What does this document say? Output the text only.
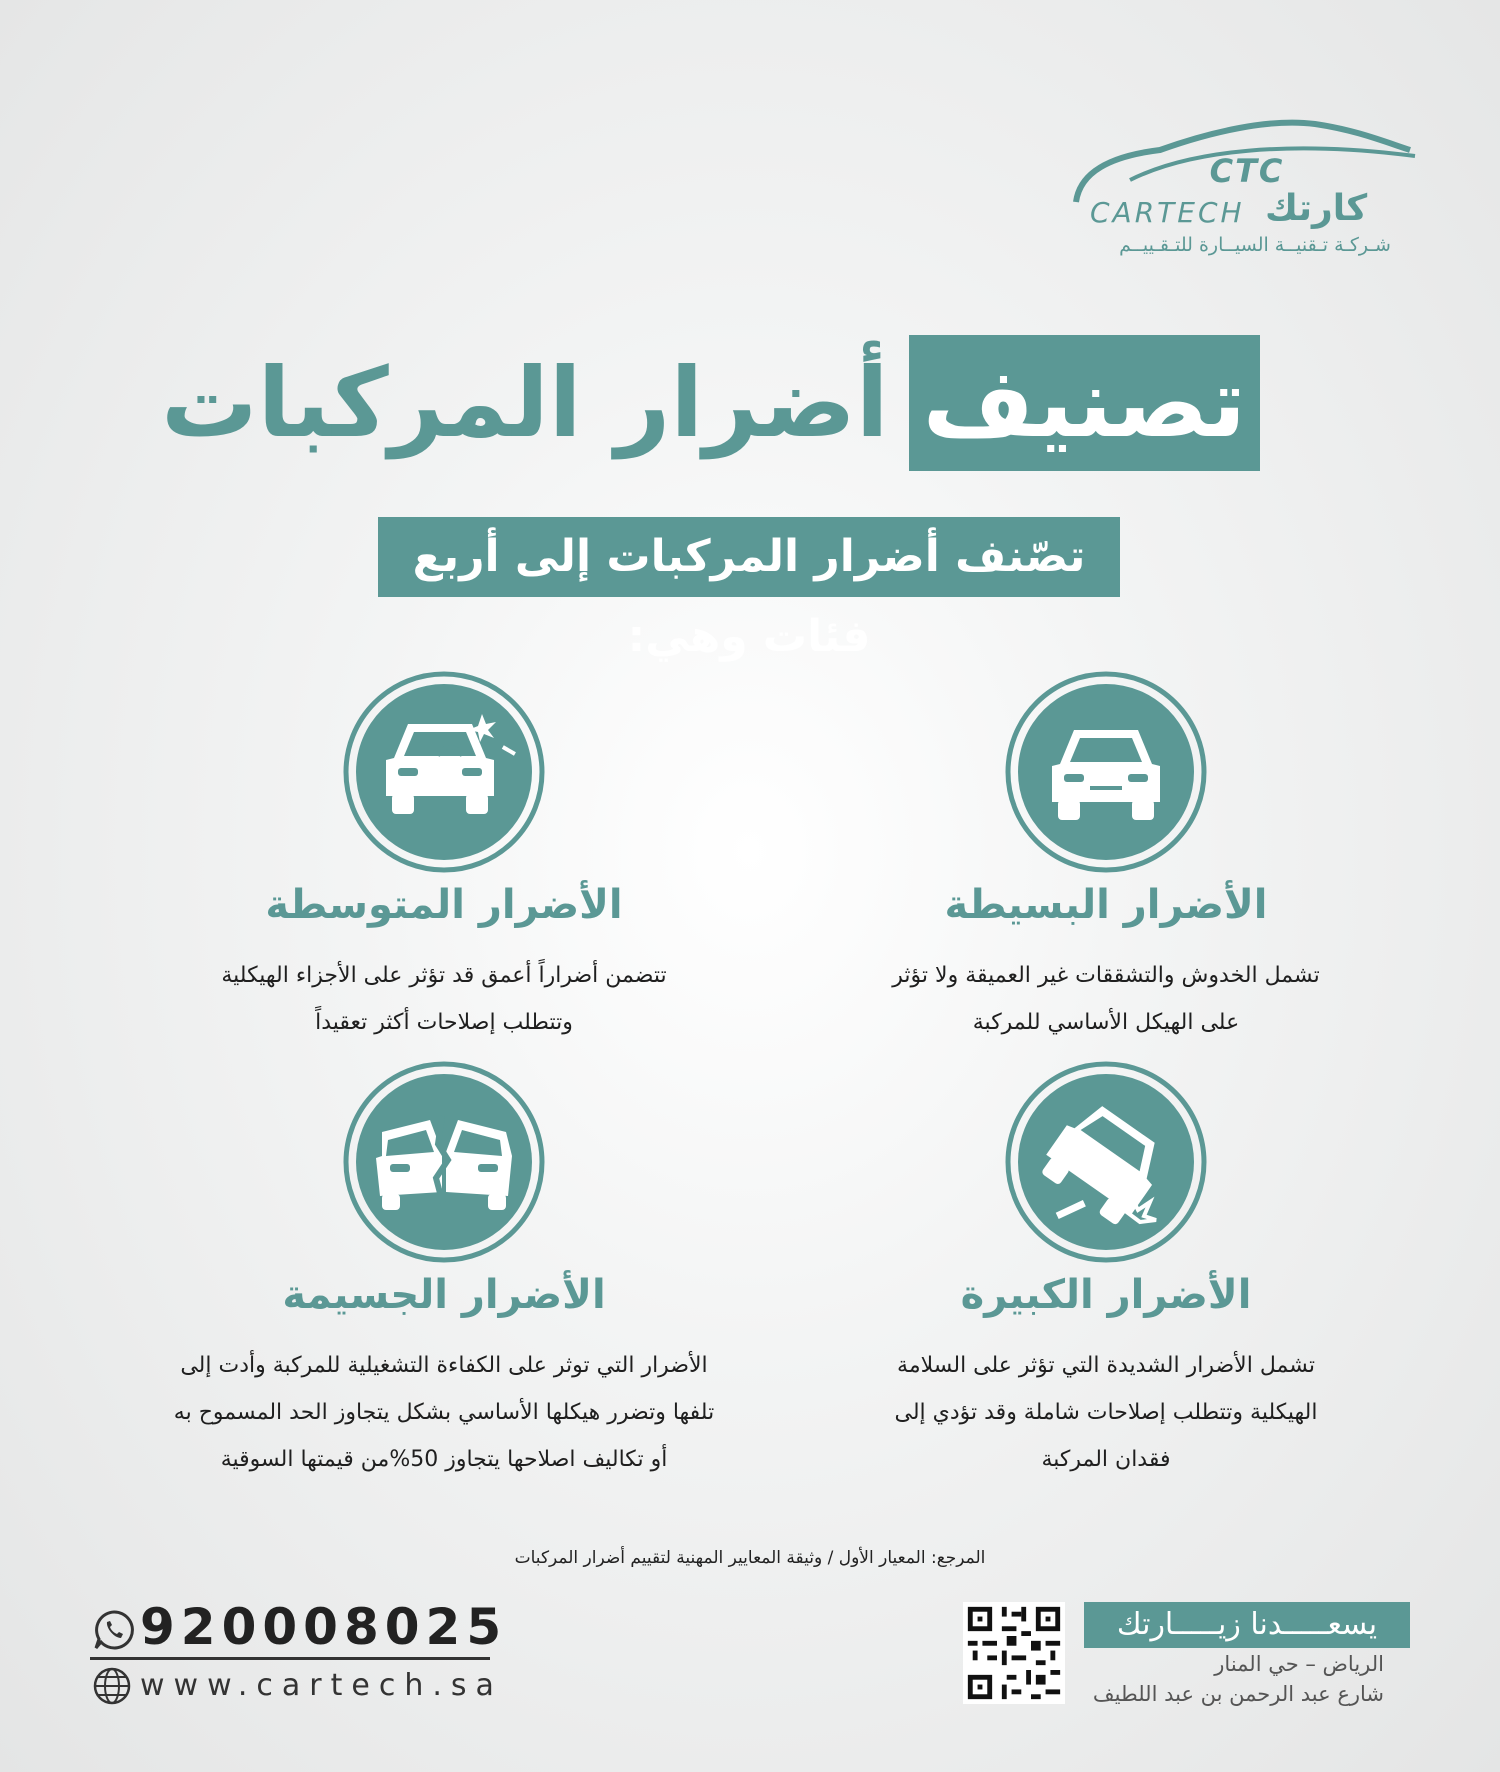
CTC
CARTECH كارتك
شـركـة تـقنيــة السيــارة للتـقـييــم
تصنيف
أضرار المركبات
تصّنف أضرار المركبات إلى أربع فئات وهي:
الأضرار البسيطة
تشمل الخدوش والتشققات غير العميقة ولا تؤثر
على الهيكل الأساسي للمركبة
الأضرار المتوسطة
تتضمن أضراراً أعمق قد تؤثر على الأجزاء الهيكلية
وتتطلب إصلاحات أكثر تعقيداً
الأضرار الكبيرة
تشمل الأضرار الشديدة التي تؤثر على السلامة
الهيكلية وتتطلب إصلاحات شاملة وقد تؤدي إلى
فقدان المركبة
الأضرار الجسيمة
الأضرار التي توثر على الكفاءة التشغيلية للمركبة وأدت إلى
تلفها وتضرر هيكلها الأساسي بشكل يتجاوز الحد المسموح به
أو تكاليف اصلاحها يتجاوز 50%من قيمتها السوقية
المرجع: المعيار الأول / وثيقة المعايير المهنية لتقييم أضرار المركبات
يسعـــــدنا زيـــــارتك
الرياض – حي المنار
شارع عبد الرحمن بن عبد اللطيف
920008025
www.cartech.sa
